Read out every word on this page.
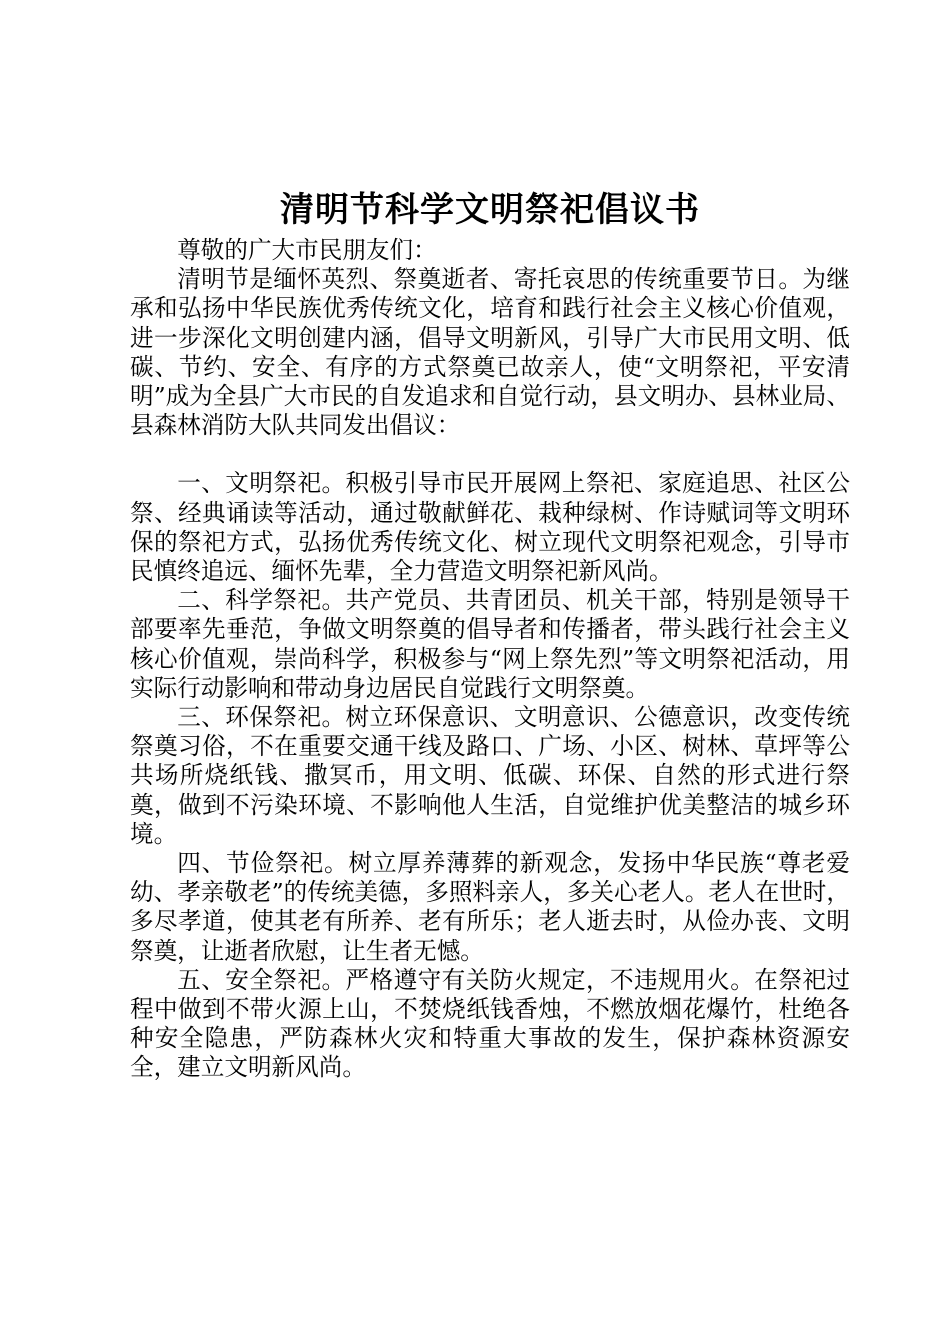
清明节科学文明祭祀倡议书

尊敬的广大市民朋友们：

清明节是缅怀英烈、祭奠逝者、寄托哀思的传统重要节日。为继承和弘扬中华民族优秀传统文化，培育和践行社会主义核心价值观，进一步深化文明创建内涵，倡导文明新风，引导广大市民用文明、低碳、节约、安全、有序的方式祭奠已故亲人，使“文明祭祀，平安清明”成为全县广大市民的自发追求和自觉行动，县文明办、县林业局、县森林消防大队共同发出倡议：

一、文明祭祀。积极引导市民开展网上祭祀、家庭追思、社区公祭、经典诵读等活动，通过敬献鲜花、栽种绿树、作诗赋词等文明环保的祭祀方式，弘扬优秀传统文化、树立现代文明祭祀观念，引导市民慎终追远、缅怀先辈，全力营造文明祭祀新风尚。

二、科学祭祀。共产党员、共青团员、机关干部，特别是领导干部要率先垂范，争做文明祭奠的倡导者和传播者，带头践行社会主义核心价值观，崇尚科学，积极参与“网上祭先烈”等文明祭祀活动，用实际行动影响和带动身边居民自觉践行文明祭奠。

三、环保祭祀。树立环保意识、文明意识、公德意识，改变传统祭奠习俗，不在重要交通干线及路口、广场、小区、树林、草坪等公共场所烧纸钱、撒冥币，用文明、低碳、环保、自然的形式进行祭奠，做到不污染环境、不影响他人生活，自觉维护优美整洁的城乡环境。

四、节俭祭祀。树立厚养薄葬的新观念，发扬中华民族“尊老爱幼、孝亲敬老”的传统美德，多照料亲人，多关心老人。老人在世时，多尽孝道，使其老有所养、老有所乐；老人逝去时，从俭办丧、文明祭奠，让逝者欣慰，让生者无憾。

五、安全祭祀。严格遵守有关防火规定，不违规用火。在祭祀过程中做到不带火源上山，不焚烧纸钱香烛，不燃放烟花爆竹，杜绝各种安全隐患，严防森林火灾和特重大事故的发生，保护森林资源安全，建立文明新风尚。
